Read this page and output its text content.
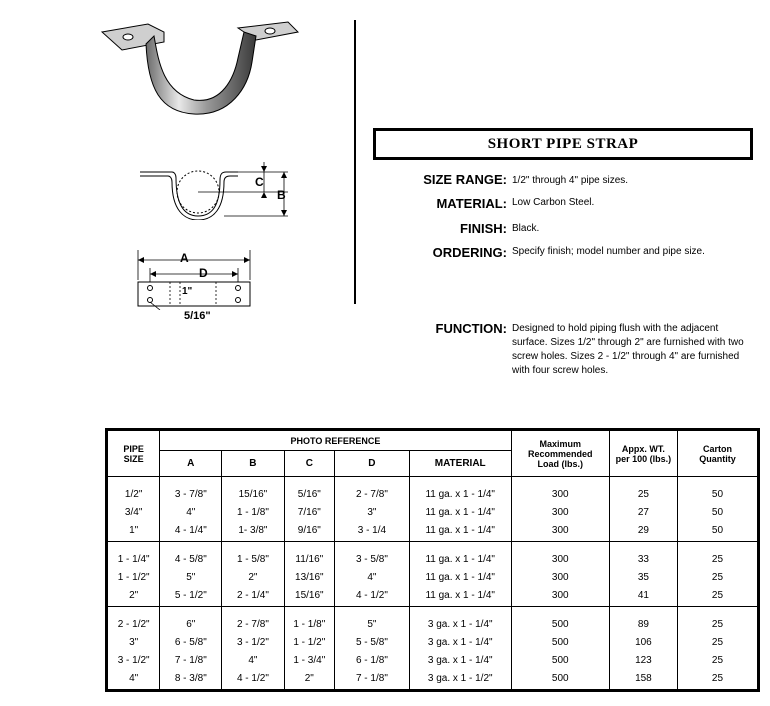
C
B
A
D
1"
5/16"
SHORT PIPE STRAP
SIZE RANGE: 1/2" through 4" pipe sizes.
MATERIAL: Low Carbon Steel.
FINISH: Black.
ORDERING: Specify finish; model number and pipe size.
FUNCTION: Designed to hold piping flush with the adjacent surface. Sizes 1/2" through 2" are furnished with two screw holes. Sizes 2 - 1/2" through 4" are furnished with four screw holes.
PIPE
SIZE	PHOTO REFERENCE					Maximum
Recommended
Load (lbs.)	Appx. WT.
per 100 (lbs.)	Carton
Quantity
	A	B	C	D	MATERIAL			
1/2"	3 - 7/8"	15/16"	5/16"	2 - 7/8"	11 ga. x 1 - 1/4"	300	25	50
3/4"	4"	1 - 1/8"	7/16"	3"	11 ga. x 1 - 1/4"	300	27	50
1"	4 - 1/4"	1- 3/8"	9/16"	3 - 1/4	11 ga. x 1 - 1/4"	300	29	50
1 - 1/4"	4 - 5/8"	1 - 5/8"	11/16"	3 - 5/8"	11 ga. x 1 - 1/4"	300	33	25
1 - 1/2"	5"	2"	13/16"	4"	11 ga. x 1 - 1/4"	300	35	25
2"	5 - 1/2"	2 - 1/4"	15/16"	4 - 1/2"	11 ga. x 1 - 1/4"	300	41	25
2 - 1/2"	6"	2 - 7/8"	1 - 1/8"	5"	3 ga. x 1 - 1/4"	500	89	25
3"	6 - 5/8"	3 - 1/2"	1 - 1/2"	5 - 5/8"	3 ga. x 1 - 1/4"	500	106	25
3 - 1/2"	7 - 1/8"	4"	1 - 3/4"	6 - 1/8"	3 ga. x 1 - 1/4"	500	123	25
4"	8 - 3/8"	4 - 1/2"	2"	7 - 1/8"	3 ga. x 1 - 1/2"	500	158	25
